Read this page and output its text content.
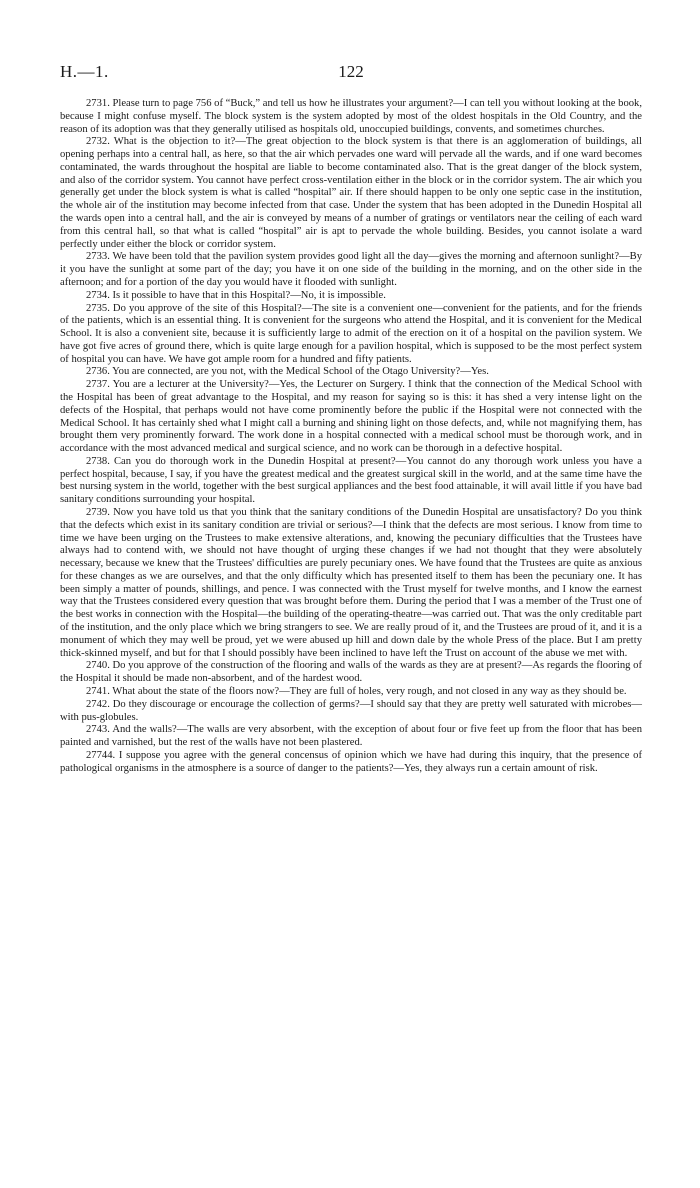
H.—1.	122

2731. Please turn to page 756 of “Buck,” and tell us how he illustrates your argument?—I can tell you without looking at the book, because I might confuse myself. The block system is the system adopted by most of the oldest hospitals in the Old Country, and the reason of its adoption was that they generally utilised as hospitals old, unoccupied buildings, convents, and sometimes churches.

2732. What is the objection to it?—The great objection to the block system is that there is an agglomeration of buildings, all opening perhaps into a central hall, as here, so that the air which pervades one ward will pervade all the wards, and if one ward becomes contaminated, the wards throughout the hospital are liable to become contaminated also. That is the great danger of the block system, and also of the corridor system. You cannot have perfect cross-ventilation either in the block or in the corridor system. The air which you generally get under the block system is what is called “hospital” air. If there should happen to be only one septic case in the institution, the whole air of the institution may become infected from that case. Under the system that has been adopted in the Dunedin Hospital all the wards open into a central hall, and the air is conveyed by means of a number of gratings or ventilators near the ceiling of each ward from this central hall, so that what is called “hospital” air is apt to pervade the whole building. Besides, you cannot isolate a ward perfectly under either the block or corridor system.

2733. We have been told that the pavilion system provides good light all the day—gives the morning and afternoon sunlight?—By it you have the sunlight at some part of the day; you have it on one side of the building in the morning, and on the other side in the afternoon; and for a portion of the day you would have it flooded with sunlight.

2734. Is it possible to have that in this Hospital?—No, it is impossible.

2735. Do you approve of the site of this Hospital?—The site is a convenient one—convenient for the patients, and for the friends of the patients, which is an essential thing. It is convenient for the surgeons who attend the Hospital, and it is convenient for the Medical School. It is also a convenient site, because it is sufficiently large to admit of the erection on it of a hospital on the pavilion system. We have got five acres of ground there, which is quite large enough for a pavilion hospital, which is supposed to be the most perfect system of hospital you can have. We have got ample room for a hundred and fifty patients.

2736. You are connected, are you not, with the Medical School of the Otago University?—Yes.

2737. You are a lecturer at the University?—Yes, the Lecturer on Surgery. I think that the connection of the Medical School with the Hospital has been of great advantage to the Hospital, and my reason for saying so is this: it has shed a very intense light on the defects of the Hospital, that perhaps would not have come prominently before the public if the Hospital were not connected with the Medical School. It has certainly shed what I might call a burning and shining light on those defects, and, while not magnifying them, has brought them very prominently forward. The work done in a hospital connected with a medical school must be thorough work, and in accordance with the most advanced medical and surgical science, and no work can be thorough in a defective hospital.

2738. Can you do thorough work in the Dunedin Hospital at present?—You cannot do any thorough work unless you have a perfect hospital, because, I say, if you have the greatest medical and the greatest surgical skill in the world, and at the same time have the best nursing system in the world, together with the best surgical appliances and the best food attainable, it will avail little if you have bad sanitary conditions surrounding your hospital.

2739. Now you have told us that you think that the sanitary conditions of the Dunedin Hospital are unsatisfactory? Do you think that the defects which exist in its sanitary condition are trivial or serious?—I think that the defects are most serious. I know from time to time we have been urging on the Trustees to make extensive alterations, and, knowing the pecuniary difficulties that the Trustees have always had to contend with, we should not have thought of urging these changes if we had not thought that they were absolutely necessary, because we knew that the Trustees' difficulties are purely pecuniary ones. We have found that the Trustees are quite as anxious for these changes as we are ourselves, and that the only difficulty which has presented itself to them has been the pecuniary one. It has been simply a matter of pounds, shillings, and pence. I was connected with the Trust myself for twelve months, and I know the earnest way that the Trustees considered every question that was brought before them. During the period that I was a member of the Trust one of the best works in connection with the Hospital—the building of the operating-theatre—was carried out. That was the only creditable part of the institution, and the only place which we bring strangers to see. We are really proud of it, and the Trustees are proud of it, and it is a monument of which they may well be proud, yet we were abused up hill and down dale by the whole Press of the place. But I am pretty thick-skinned myself, and but for that I should possibly have been inclined to have left the Trust on account of the abuse we met with.

2740. Do you approve of the construction of the flooring and walls of the wards as they are at present?—As regards the flooring of the Hospital it should be made non-absorbent, and of the hardest wood.

2741. What about the state of the floors now?—They are full of holes, very rough, and not closed in any way as they should be.

2742. Do they discourage or encourage the collection of germs?—I should say that they are pretty well saturated with microbes—with pus-globules.

2743. And the walls?—The walls are very absorbent, with the exception of about four or five feet up from the floor that has been painted and varnished, but the rest of the walls have not been plastered.

27744. I suppose you agree with the general concensus of opinion which we have had during this inquiry, that the presence of pathological organisms in the atmosphere is a source of danger to the patients?—Yes, they always run a certain amount of risk.
